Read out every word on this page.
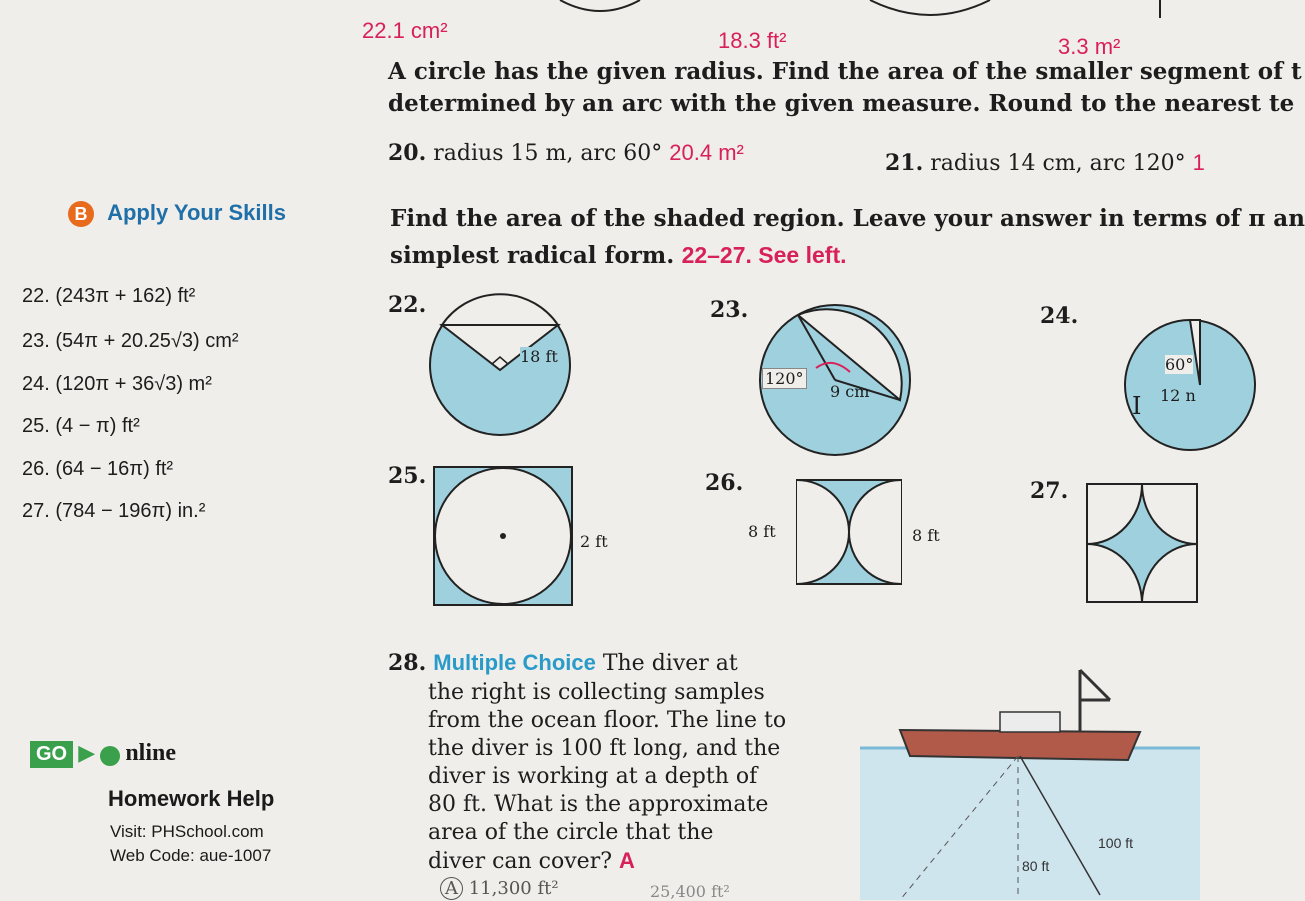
22.1 cm²	18.3 ft²	3.3 m²
A circle has the given radius. Find the area of the smaller segment of t
determined by an arc with the given measure. Round to the nearest te
20. radius 15 m, arc 60° 20.4 m²	21. radius 14 cm, arc 120° 1
B Apply Your Skills	Find the area of the shaded region. Leave your answer in terms of π an
simplest radical form. 22–27. See left.
22. (243π + 162) ft²
23. (54π + 20.25√3) cm²
24. (120π + 36√3) m²
25. (4 − π) ft²
26. (64 − 16π) ft²
27. (784 − 196π) in.²
22.	23.	24.
25.	26.	27.
18 ft
120°
9 cm
60°
12 n
I
2 ft
8 ft	8 ft
28. Multiple Choice The diver at
the right is collecting samples
from the ocean floor. The line to
the diver is 100 ft long, and the
diver is working at a depth of
80 ft. What is the approximate
area of the circle that the
diver can cover? A
A 11,300 ft²	25,400 ft²
100 ft
80 ft
GO ▶ nline
Homework Help
Visit: PHSchool.com
Web Code: aue-1007
